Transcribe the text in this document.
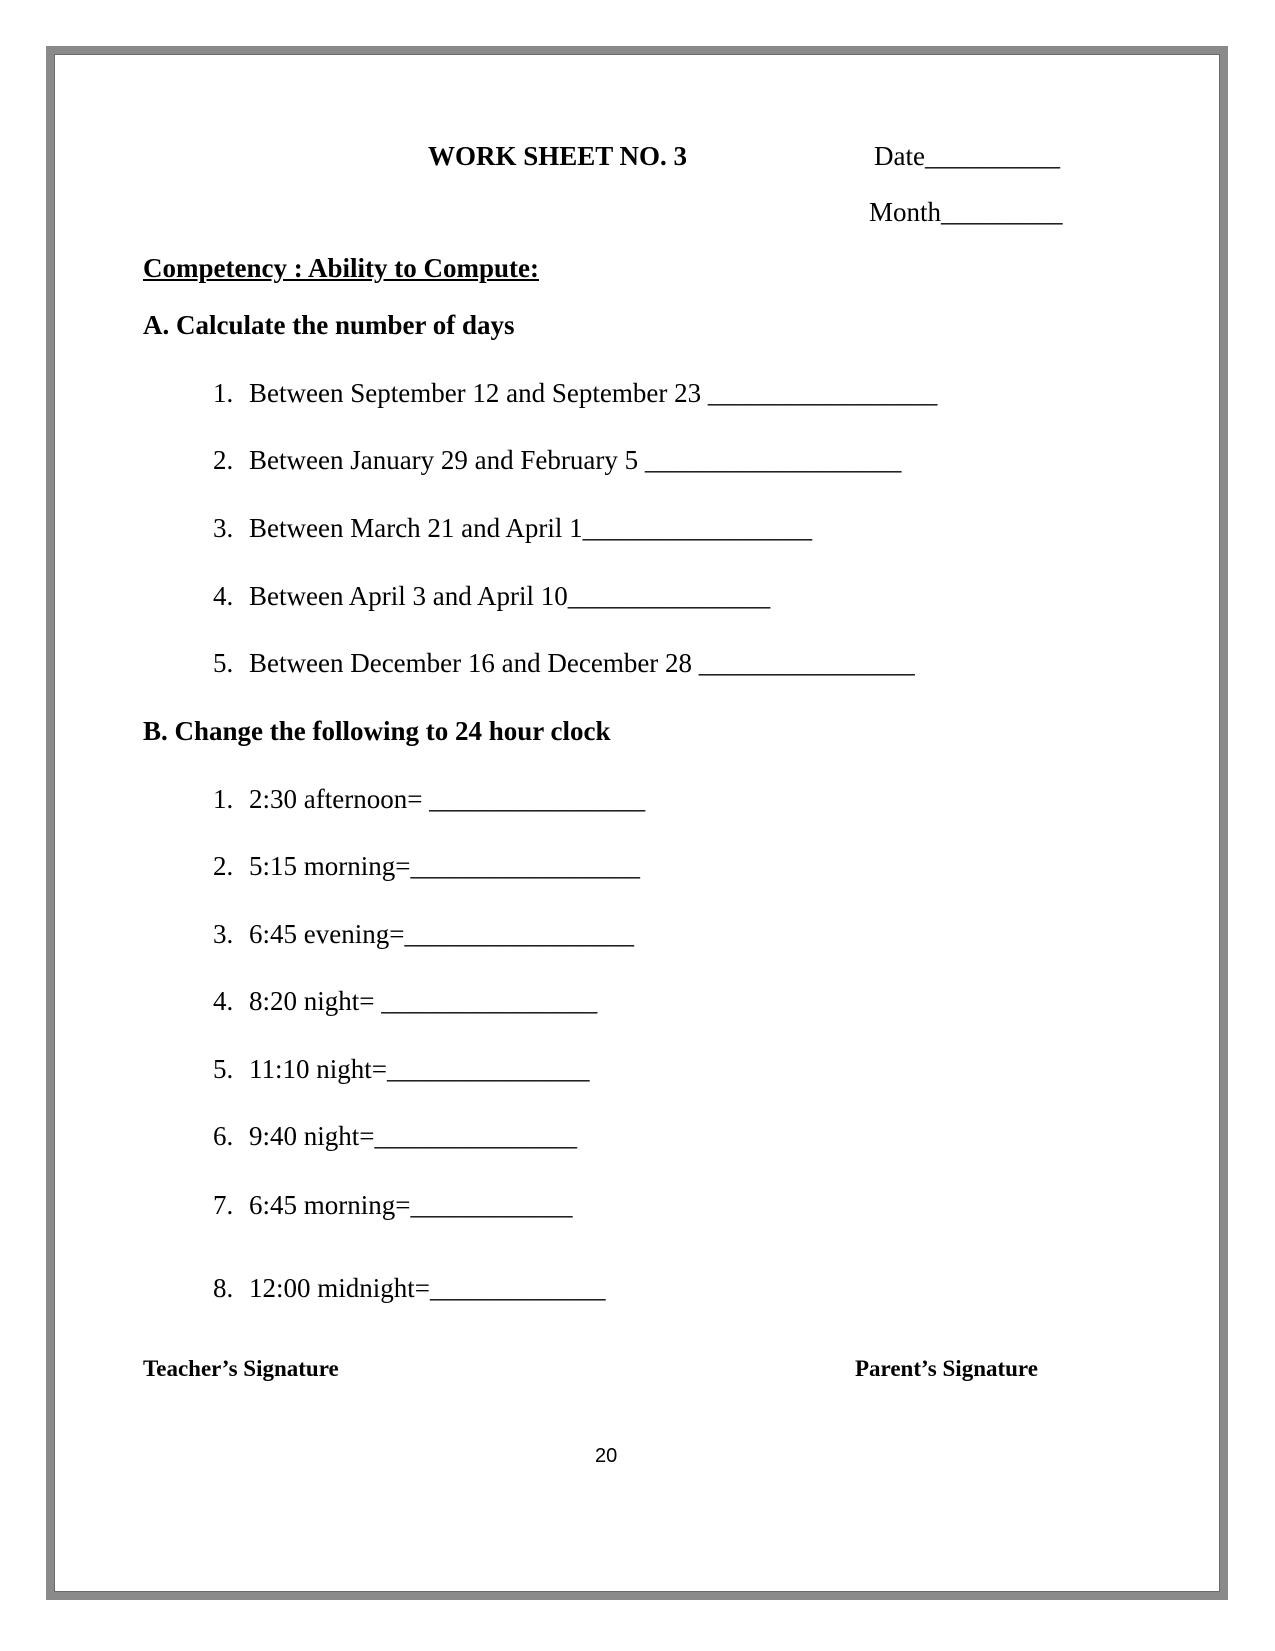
WORK SHEET NO. 3	Date__________
Month_________
Competency : Ability to Compute:
A. Calculate the number of days
1. Between September 12 and September 23 _________________
2. Between January 29 and February 5 ___________________
3. Between March 21 and April 1_________________
4. Between April 3 and April 10_______________
5. Between December 16 and December 28 ________________
B. Change the following to 24 hour clock
1. 2:30 afternoon= ________________
2. 5:15 morning=_________________
3. 6:45 evening=_________________
4. 8:20 night= ________________
5. 11:10 night=_______________
6. 9:40 night=_______________
7. 6:45 morning=____________
8. 12:00 midnight=_____________
Teacher’s Signature	Parent’s Signature
20
